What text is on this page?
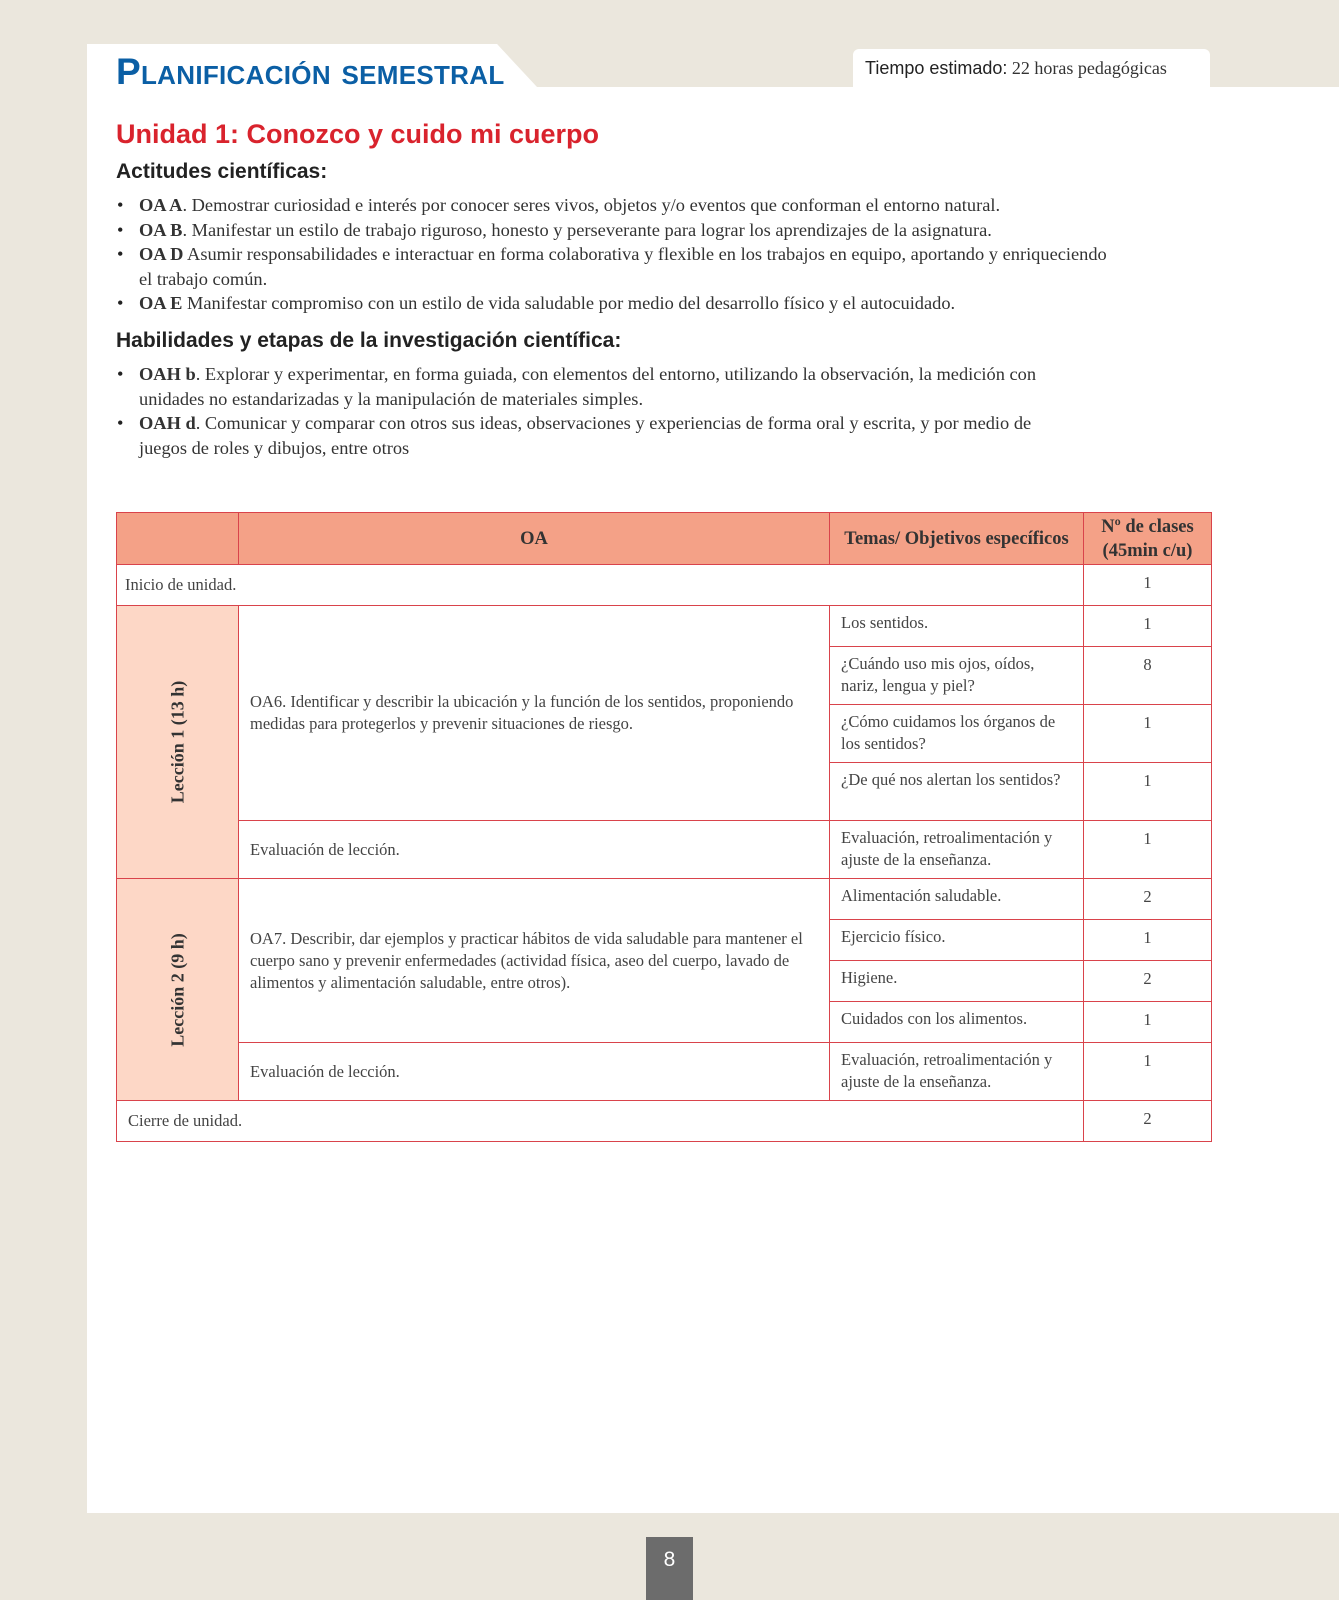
Planificación semestral	Tiempo estimado: 22 horas pedagógicas
Unidad 1: Conozco y cuido mi cuerpo
Actitudes científicas:
• OA A. Demostrar curiosidad e interés por conocer seres vivos, objetos y/o eventos que conforman el entorno natural.
• OA B. Manifestar un estilo de trabajo riguroso, honesto y perseverante para lograr los aprendizajes de la asignatura.
• OA D Asumir responsabilidades e interactuar en forma colaborativa y flexible en los trabajos en equipo, aportando y enriqueciendo el trabajo común.
• OA E Manifestar compromiso con un estilo de vida saludable por medio del desarrollo físico y el autocuidado.
Habilidades y etapas de la investigación científica:
• OAH b. Explorar y experimentar, en forma guiada, con elementos del entorno, utilizando la observación, la medición con unidades no estandarizadas y la manipulación de materiales simples.
• OAH d. Comunicar y comparar con otros sus ideas, observaciones y experiencias de forma oral y escrita, y por medio de juegos de roles y dibujos, entre otros
	OA	Temas/ Objetivos específicos	Nº de clases (45min c/u)
Inicio de unidad.			1

Lección 1 (13 h)	OA6. Identificar y describir la ubicación y la función de los sentidos, proponiendo medidas para protegerlos y prevenir situaciones de riesgo.	Los sentidos.	1
		¿Cuándo uso mis ojos, oídos, nariz, lengua y piel?	8
		¿Cómo cuidamos los órganos de los sentidos?	1
		¿De qué nos alertan los sentidos?	1
	Evaluación de lección.	Evaluación, retroalimentación y ajuste de la enseñanza.	1

Lección 2 (9 h)	OA7. Describir, dar ejemplos y practicar hábitos de vida saludable para mantener el cuerpo sano y prevenir enfermedades (actividad física, aseo del cuerpo, lavado de alimentos y alimentación saludable, entre otros).	Alimentación saludable.	2
		Ejercicio físico.	1
		Higiene.	2
		Cuidados con los alimentos.	1
	Evaluación de lección.	Evaluación, retroalimentación y ajuste de la enseñanza.	1
Cierre de unidad.			2
8
